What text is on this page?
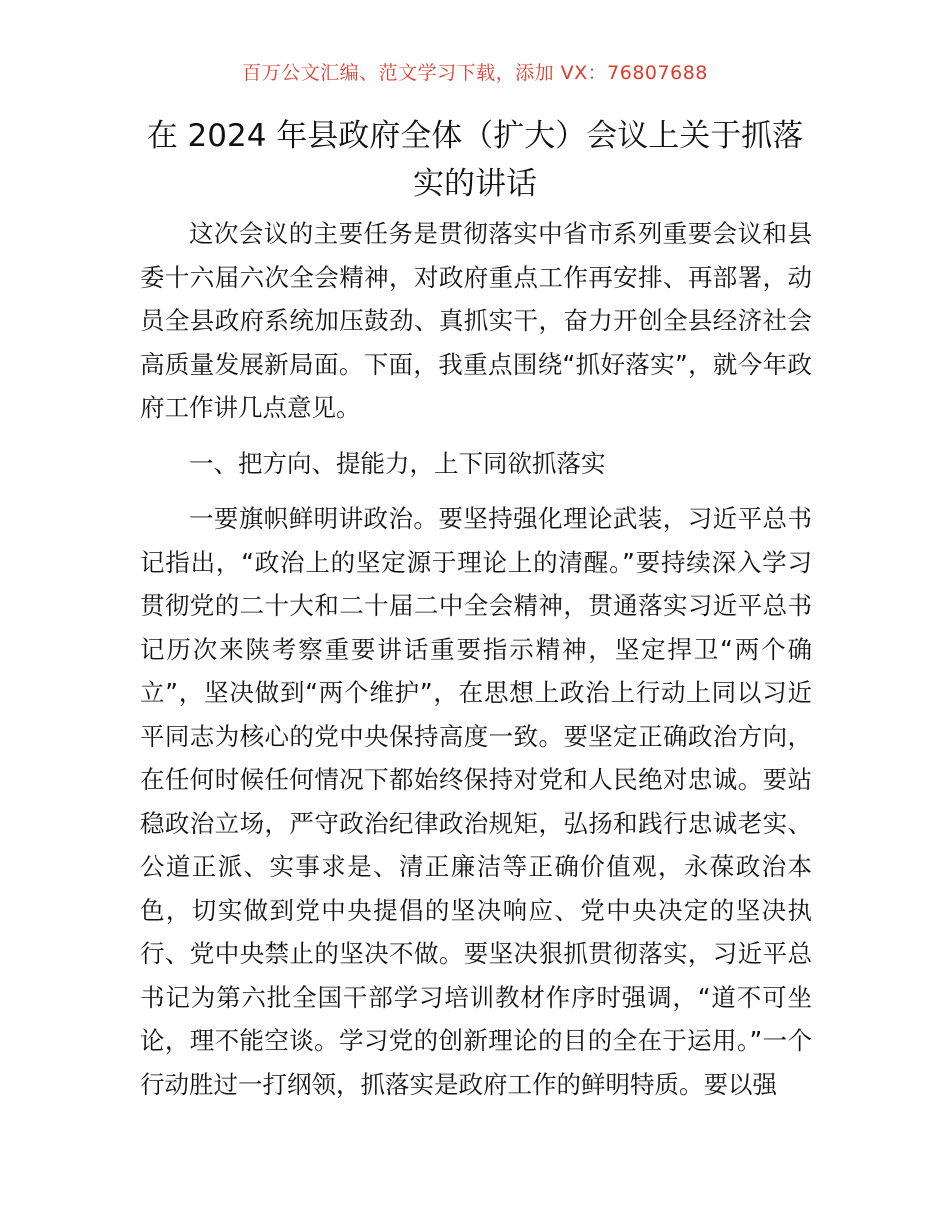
百万公文汇编、范文学习下载，添加 VX：76807688
在 2024 年县政府全体（扩大）会议上关于抓落实的讲话

这次会议的主要任务是贯彻落实中省市系列重要会议和县委十六届六次全会精神，对政府重点工作再安排、再部署，动员全县政府系统加压鼓劲、真抓实干，奋力开创全县经济社会高质量发展新局面。下面，我重点围绕“抓好落实”，就今年政府工作讲几点意见。

一、把方向、提能力，上下同欲抓落实

一要旗帜鲜明讲政治。要坚持强化理论武装，习近平总书记指出，“政治上的坚定源于理论上的清醒。”要持续深入学习贯彻党的二十大和二十届二中全会精神，贯通落实习近平总书记历次来陕考察重要讲话重要指示精神，坚定捍卫“两个确立”，坚决做到“两个维护”，在思想上政治上行动上同以习近平同志为核心的党中央保持高度一致。要坚定正确政治方向，在任何时候任何情况下都始终保持对党和人民绝对忠诚。要站稳政治立场，严守政治纪律政治规矩，弘扬和践行忠诚老实、公道正派、实事求是、清正廉洁等正确价值观，永葆政治本色，切实做到党中央提倡的坚决响应、党中央决定的坚决执行、党中央禁止的坚决不做。要坚决狠抓贯彻落实，习近平总书记为第六批全国干部学习培训教材作序时强调，“道不可坐论，理不能空谈。学习党的创新理论的目的全在于运用。”一个行动胜过一打纲领，抓落实是政府工作的鲜明特质。要以强
